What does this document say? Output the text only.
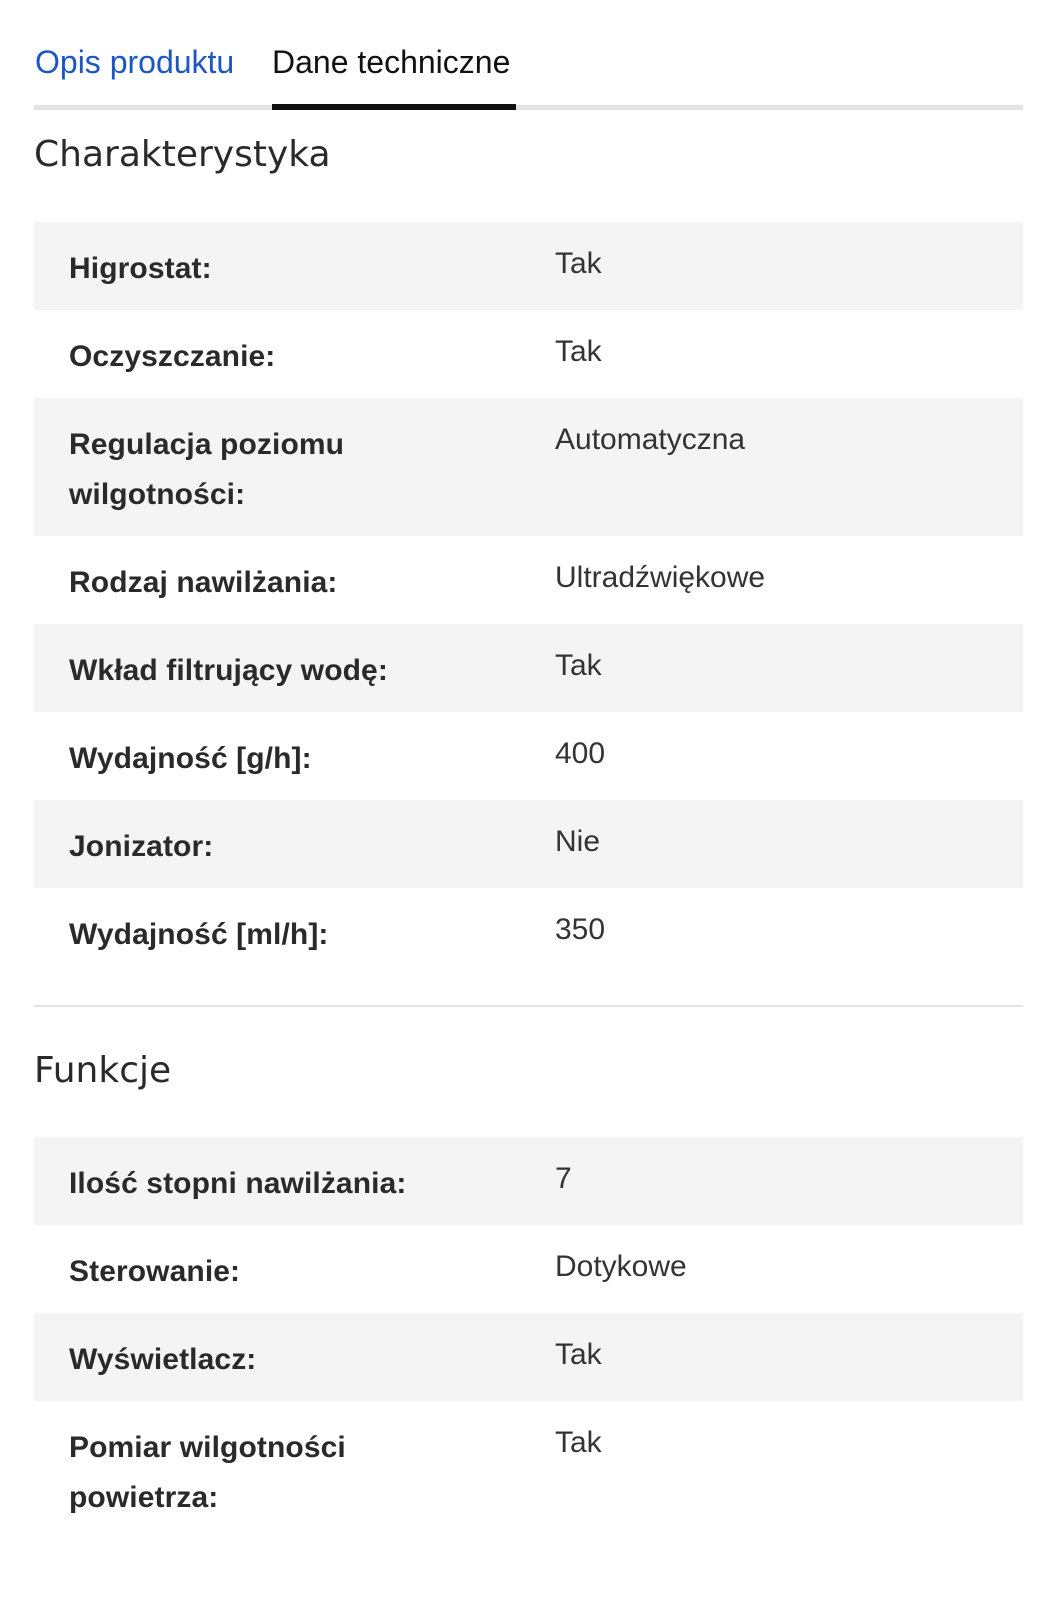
Opis produktu Dane techniczne
Charakterystyka
Higrostat:	Tak
Oczyszczanie:	Tak
Regulacja poziomu wilgotności:
Automatyczna
Rodzaj nawilżania:	Ultradźwiękowe
Wkład filtrujący wodę:	Tak
Wydajność [g/h]:	400
Jonizator:	Nie
Wydajność [ml/h]:	350
Funkcje
Ilość stopni nawilżania:	7
Sterowanie:	Dotykowe
Wyświetlacz:	Tak
Pomiar wilgotności powietrza:
Tak
